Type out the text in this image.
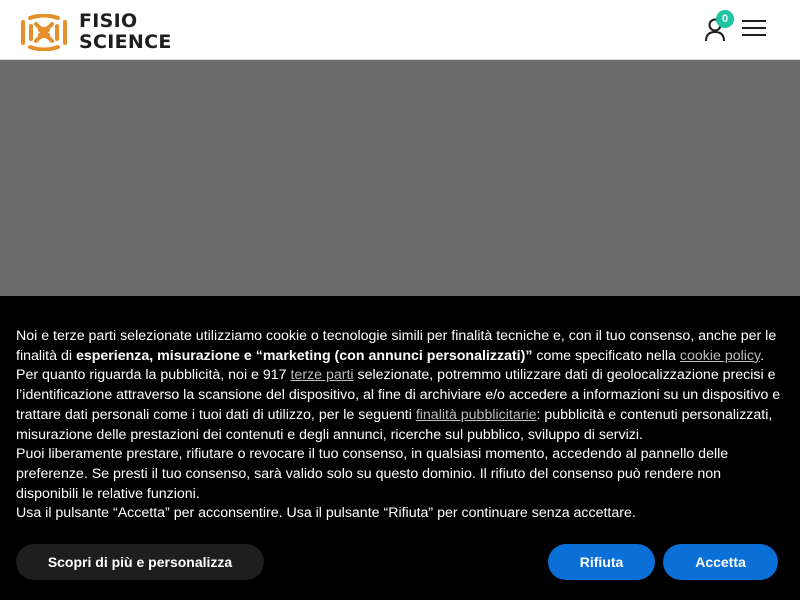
FISIO
SCIENCE
0

Noi e terze parti selezionate utilizziamo cookie o tecnologie simili per finalità tecniche e, con il tuo consenso, anche per le finalità di esperienza, misurazione e “marketing (con annunci personalizzati)” come specificato nella cookie policy.

Per quanto riguarda la pubblicità, noi e 917 terze parti selezionate, potremmo utilizzare dati di geolocalizzazione precisi e l’identificazione attraverso la scansione del dispositivo, al fine di archiviare e/o accedere a informazioni su un dispositivo e trattare dati personali come i tuoi dati di utilizzo, per le seguenti finalità pubblicitarie: pubblicità e contenuti personalizzati, misurazione delle prestazioni dei contenuti e degli annunci, ricerche sul pubblico, sviluppo di servizi.

Puoi liberamente prestare, rifiutare o revocare il tuo consenso, in qualsiasi momento, accedendo al pannello delle preferenze. Se presti il tuo consenso, sarà valido solo su questo dominio. Il rifiuto del consenso può rendere non disponibili le relative funzioni.

Usa il pulsante “Accetta” per acconsentire. Usa il pulsante “Rifiuta” per continuare senza accettare.

Scopri di più e personalizza	Rifiuta	Accetta
